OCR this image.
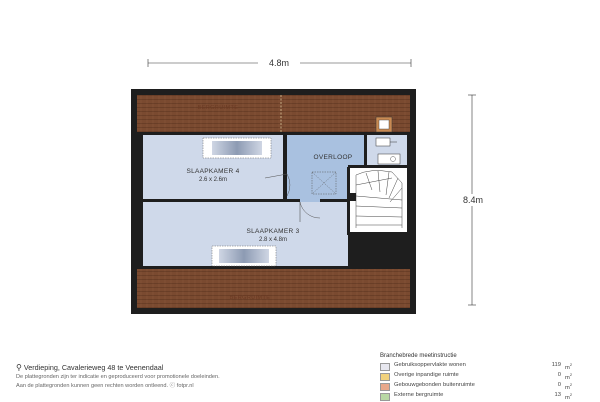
4.8m
8.4m
BERGRUIMTE
BERGRUIMTE
SLAAPKAMER 4
2.6 x 2.6m
SLAAPKAMER 3
2.8 x 4.8m
OVERLOOP
⚲ Verdieping, Cavalerieweg 48 te Veenendaal
De plattegronden zijn ter indicatie en geproduceerd voor promotionele doeleinden.
Aan de plattegronden kunnen geen rechten worden ontleend. ⓒ fotpr.nl
Branchebrede meetinstructie
Gebruiksoppervlakte wonen	119 $m^2$
Overige inpandige ruimte	0 $m^2$
Gebouwgebonden buitenruimte	0 $m^2$
Externe bergruimte	13 $m^2$
